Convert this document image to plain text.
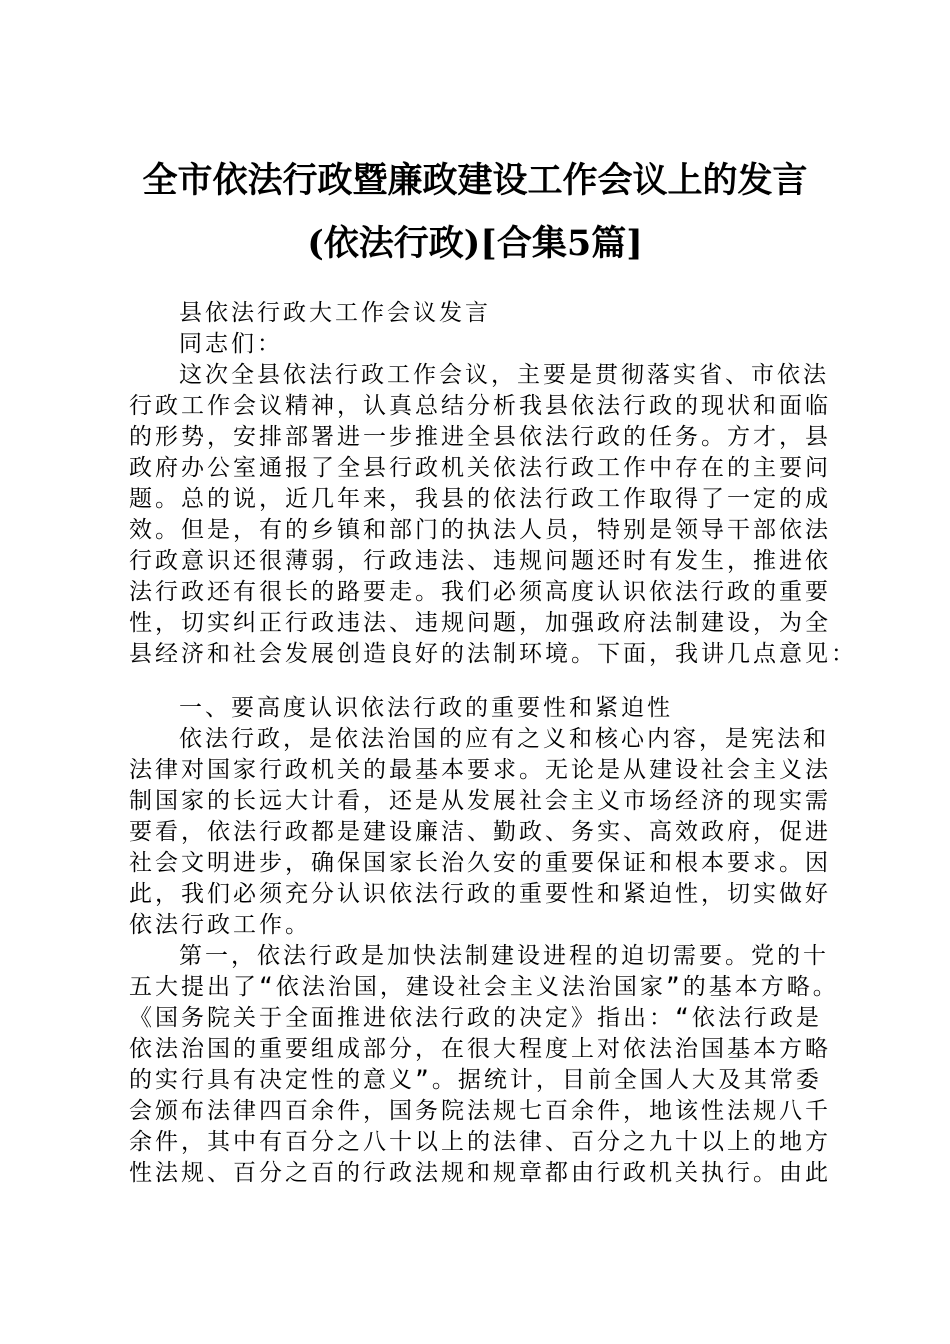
全市依法行政暨廉政建设工作会议上的发言
(依法行政)[合集5篇]
县依法行政大工作会议发言
同志们：
这次全县依法行政工作会议，主要是贯彻落实省、市依法
行政工作会议精神，认真总结分析我县依法行政的现状和面临
的形势，安排部署进一步推进全县依法行政的任务。方才，县
政府办公室通报了全县行政机关依法行政工作中存在的主要问
题。总的说，近几年来，我县的依法行政工作取得了一定的成
效。但是，有的乡镇和部门的执法人员，特别是领导干部依法
行政意识还很薄弱，行政违法、违规问题还时有发生，推进依
法行政还有很长的路要走。我们必须高度认识依法行政的重要
性，切实纠正行政违法、违规问题，加强政府法制建设，为全
县经济和社会发展创造良好的法制环境。下面，我讲几点意见：
一、要高度认识依法行政的重要性和紧迫性
依法行政，是依法治国的应有之义和核心内容，是宪法和
法律对国家行政机关的最基本要求。无论是从建设社会主义法
制国家的长远大计看，还是从发展社会主义市场经济的现实需
要看，依法行政都是建设廉洁、勤政、务实、高效政府，促进
社会文明进步，确保国家长治久安的重要保证和根本要求。因
此，我们必须充分认识依法行政的重要性和紧迫性，切实做好
依法行政工作。
第一，依法行政是加快法制建设进程的迫切需要。党的十
五大提出了“依法治国，建设社会主义法治国家”的基本方略。
《国务院关于全面推进依法行政的决定》指出：“依法行政是
依法治国的重要组成部分，在很大程度上对依法治国基本方略
的实行具有决定性的意义”。据统计，目前全国人大及其常委
会颁布法律四百余件，国务院法规七百余件，地该性法规八千
余件，其中有百分之八十以上的法律、百分之九十以上的地方
性法规、百分之百的行政法规和规章都由行政机关执行。由此
